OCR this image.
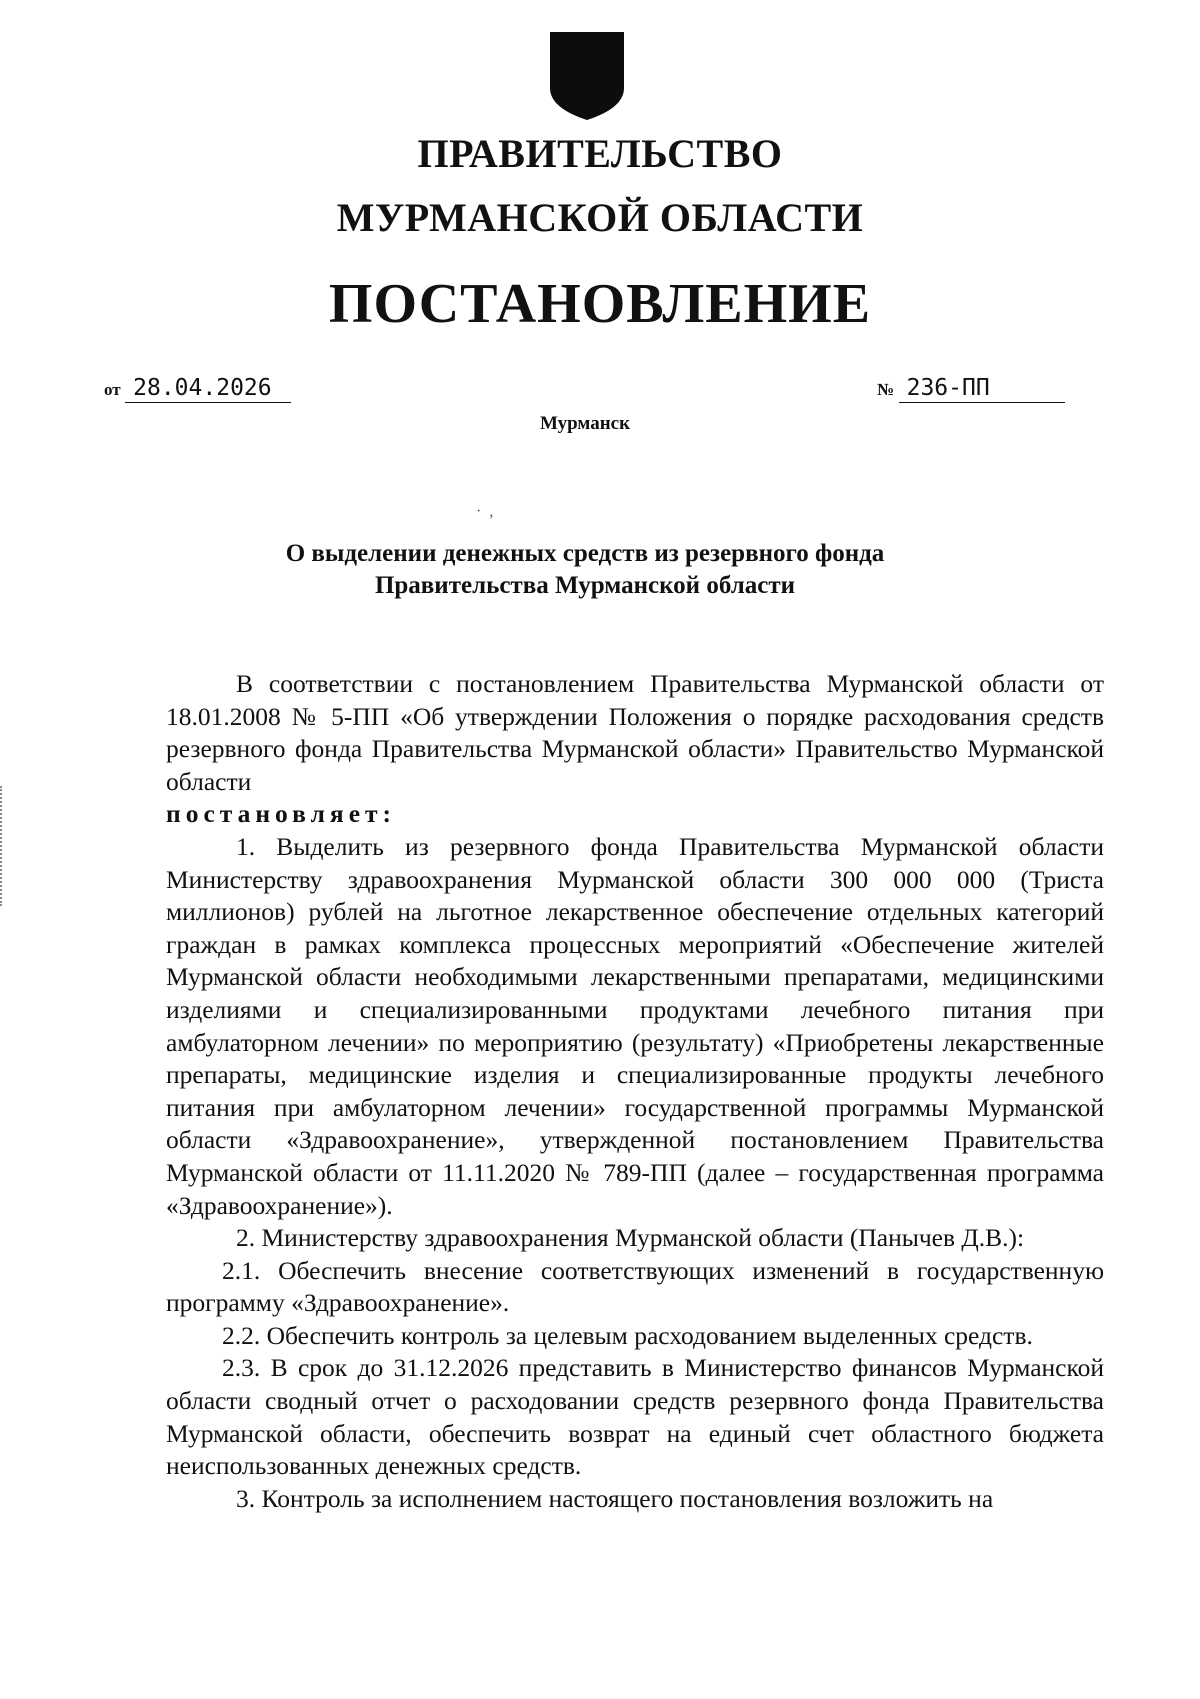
ПРАВИТЕЛЬСТВО
МУРМАНСКОЙ ОБЛАСТИ
ПОСТАНОВЛЕНИЕ
от 28.04.2026	№ 236-ПП
Мурманск
·  ,
О выделении денежных средств из резервного фонда
Правительства Мурманской области

В соответствии с постановлением Правительства Мурманской области от 18.01.2008 № 5-ПП «Об утверждении Положения о порядке расходования средств резервного фонда Правительства Мурманской области» Правительство Мурманской области

постановляет:

1. Выделить из резервного фонда Правительства Мурманской области Министерству здравоохранения Мурманской области 300 000 000 (Триста миллионов) рублей на льготное лекарственное обеспечение отдельных категорий граждан в рамках комплекса процессных мероприятий «Обеспечение жителей Мурманской области необходимыми лекарственными препаратами, медицинскими изделиями и специализированными продуктами лечебного питания при амбулаторном лечении» по мероприятию (результату) «Приобретены лекарственные препараты, медицинские изделия и специализированные продукты лечебного питания при амбулаторном лечении» государственной программы Мурманской области «Здравоохранение», утвержденной постановлением Правительства Мурманской области от 11.11.2020 № 789-ПП (далее – государственная программа «Здравоохранение»).

2. Министерству здравоохранения Мурманской области (Панычев Д.В.):

2.1. Обеспечить внесение соответствующих изменений в государственную программу «Здравоохранение».

2.2. Обеспечить контроль за целевым расходованием выделенных средств.

2.3. В срок до 31.12.2026 представить в Министерство финансов Мурманской области сводный отчет о расходовании средств резервного фонда Правительства Мурманской области, обеспечить возврат на единый счет областного бюджета неиспользованных денежных средств.

3. Контроль за исполнением настоящего постановления возложить на
